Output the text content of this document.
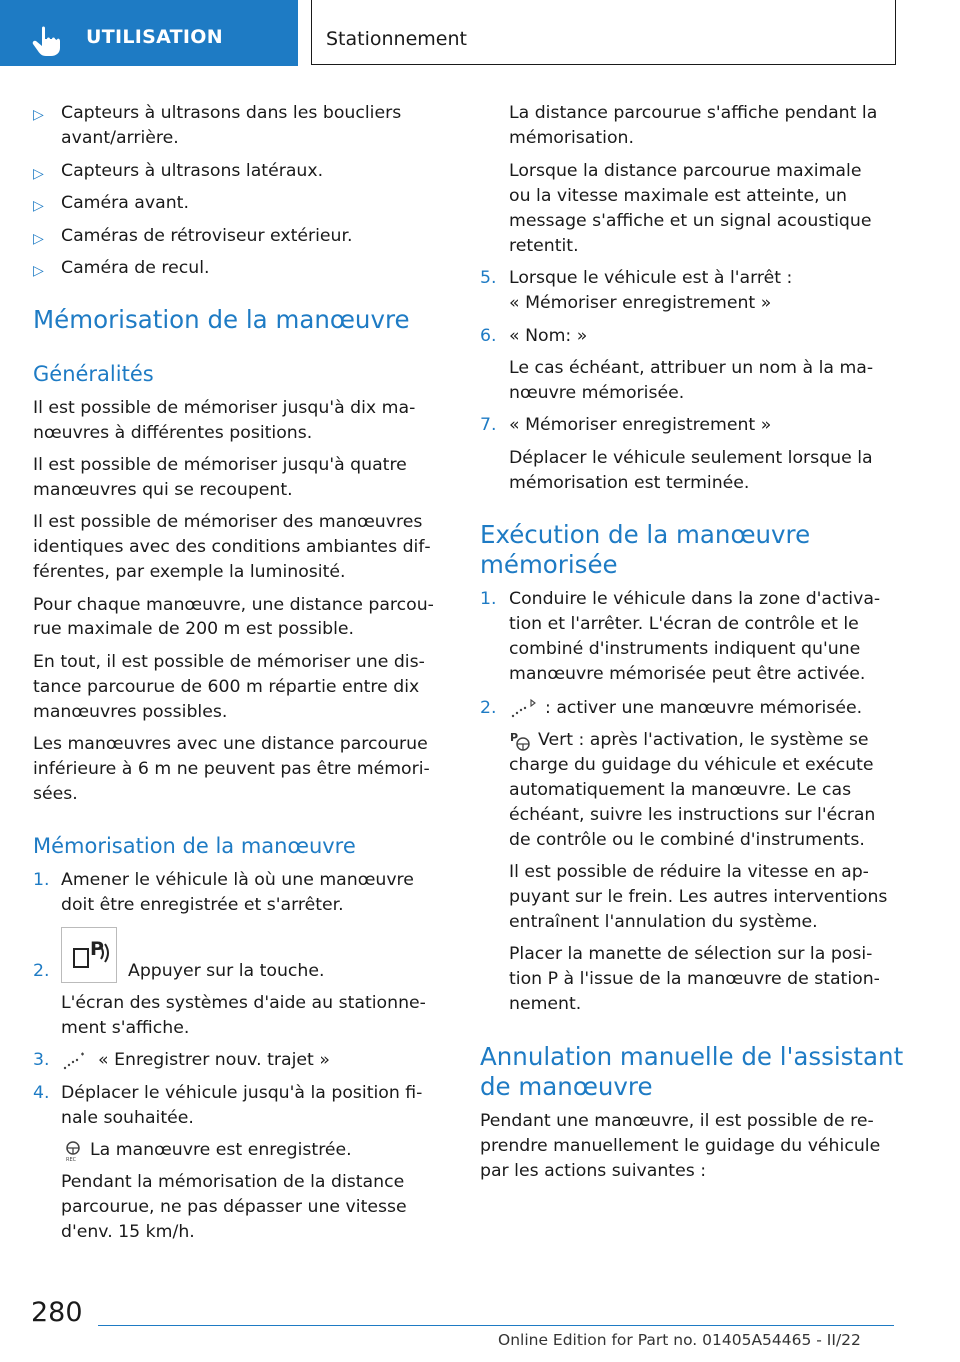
UTILISATION	Stationnement
▷ Capteurs à ultrasons dans les boucliers
avant/arrière.
▷ Capteurs à ultrasons latéraux.
▷ Caméra avant.
▷ Caméras de rétroviseur extérieur.
▷ Caméra de recul.
Mémorisation de la manœuvre
Généralités
Il est possible de mémoriser jusqu'à dix ma‐
nœuvres à différentes positions.
Il est possible de mémoriser jusqu'à quatre
manœuvres qui se recoupent.
Il est possible de mémoriser des manœuvres
identiques avec des conditions ambiantes dif‐
férentes, par exemple la luminosité.
Pour chaque manœuvre, une distance parcou‐
rue maximale de 200 m est possible.
En tout, il est possible de mémoriser une dis‐
tance parcourue de 600 m répartie entre dix
manœuvres possibles.
Les manœuvres avec une distance parcourue
inférieure à 6 m ne peuvent pas être mémori‐
sées.
Mémorisation de la manœuvre
1. Amener le véhicule là où une manœuvre
doit être enregistrée et s'arrêter.
2.
P
Appuyer sur la touche.
L'écran des systèmes d'aide au stationne‐
ment s'affiche.
3.	« Enregistrer nouv. trajet »
4. Déplacer le véhicule jusqu'à la position fi‐
nale souhaitée.
REC La manœuvre est enregistrée.
Pendant la mémorisation de la distance
parcourue, ne pas dépasser une vitesse
d'env. 15 km/h.
La distance parcourue s'affiche pendant la
mémorisation.
Lorsque la distance parcourue maximale
ou la vitesse maximale est atteinte, un
message s'affiche et un signal acoustique
retentit.
5. Lorsque le véhicule est à l'arrêt :
« Mémoriser enregistrement »
6. « Nom: »
Le cas échéant, attribuer un nom à la ma‐
nœuvre mémorisée.
7. « Mémoriser enregistrement »
Déplacer le véhicule seulement lorsque la
mémorisation est terminée.
Exécution de la manœuvre
mémorisée
1. Conduire le véhicule dans la zone d'activa‐
tion et l'arrêter. L'écran de contrôle et le
combiné d'instruments indiquent qu'une
manœuvre mémorisée peut être activée.
2.	: activer une manœuvre mémorisée.
P Vert : après l'activation, le système se
charge du guidage du véhicule et exécute
automatiquement la manœuvre. Le cas
échéant, suivre les instructions sur l'écran
de contrôle ou le combiné d'instruments.
Il est possible de réduire la vitesse en ap‐
puyant sur le frein. Les autres interventions
entraînent l'annulation du système.
Placer la manette de sélection sur la posi‐
tion P à l'issue de la manœuvre de station‐
nement.
Annulation manuelle de l'assistant
de manœuvre
Pendant une manœuvre, il est possible de re‐
prendre manuellement le guidage du véhicule
par les actions suivantes :
280
Online Edition for Part no. 01405A54465 - II/22
